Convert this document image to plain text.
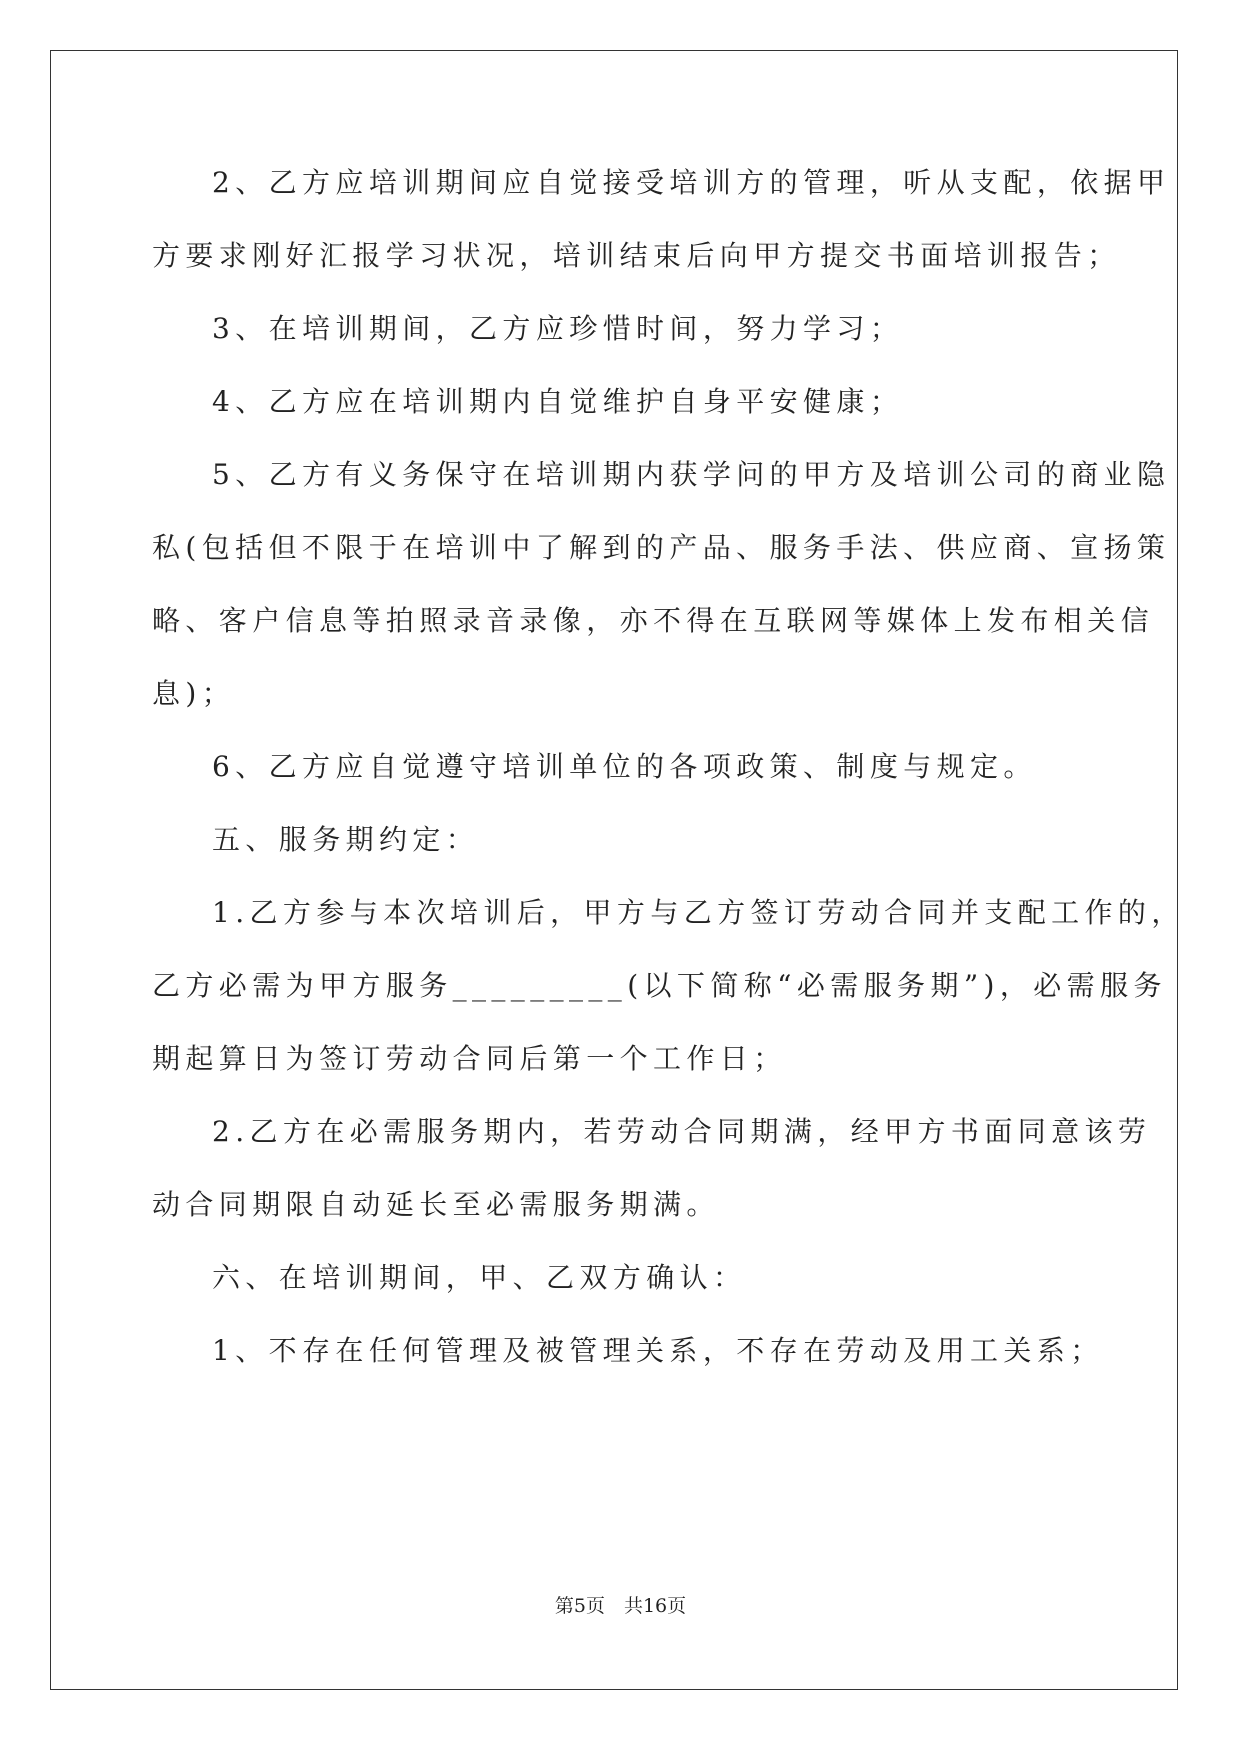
2、乙方应培训期间应自觉接受培训方的管理，听从支配，依据甲
方要求刚好汇报学习状况，培训结束后向甲方提交书面培训报告；
3、在培训期间，乙方应珍惜时间，努力学习；
4、乙方应在培训期内自觉维护自身平安健康；
5、乙方有义务保守在培训期内获学问的甲方及培训公司的商业隐
私(包括但不限于在培训中了解到的产品、服务手法、供应商、宣扬策
略、客户信息等拍照录音录像，亦不得在互联网等媒体上发布相关信
息)；
6、乙方应自觉遵守培训单位的各项政策、制度与规定。
五、服务期约定：
1.乙方参与本次培训后，甲方与乙方签订劳动合同并支配工作的，
乙方必需为甲方服务_________(以下简称“必需服务期”)，必需服务
期起算日为签订劳动合同后第一个工作日；
2.乙方在必需服务期内，若劳动合同期满，经甲方书面同意该劳
动合同期限自动延长至必需服务期满。
六、在培训期间，甲、乙双方确认：
1、不存在任何管理及被管理关系，不存在劳动及用工关系；
第5页　共16页
